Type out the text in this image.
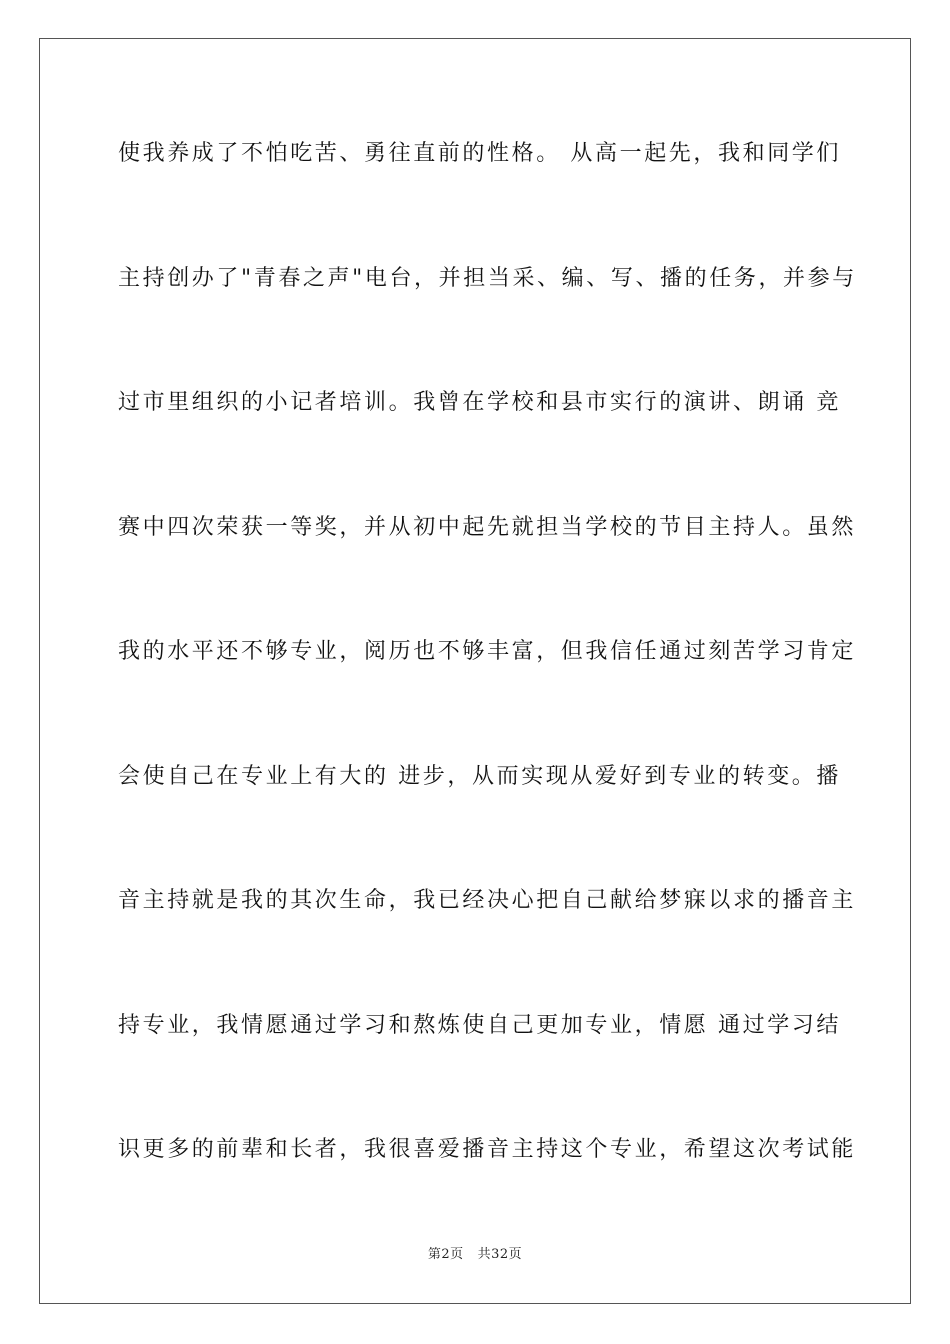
使我养成了不怕吃苦、勇往直前的性格。 从高一起先，我和同学们
主持创办了"青春之声"电台，并担当采、编、写、播的任务，并参与
过市里组织的小记者培训。我曾在学校和县市实行的演讲、朗诵 竞
赛中四次荣获一等奖，并从初中起先就担当学校的节目主持人。虽然
我的水平还不够专业，阅历也不够丰富，但我信任通过刻苦学习肯定
会使自己在专业上有大的 进步，从而实现从爱好到专业的转变。播
音主持就是我的其次生命，我已经决心把自己献给梦寐以求的播音主
持专业，我情愿通过学习和熬炼使自己更加专业，情愿 通过学习结
识更多的前辈和长者，我很喜爱播音主持这个专业，希望这次考试能
第2页 共32页
